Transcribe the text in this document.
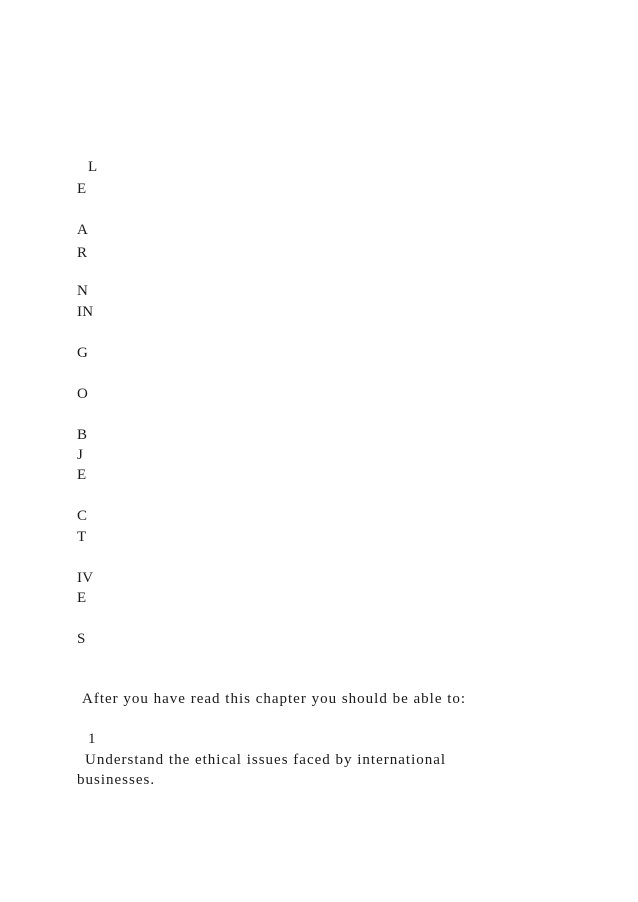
L
E
A
R
N
IN
G
O
B
J
E
C
T
IV
E
S
After you have read this chapter you should be able to:
1
Understand the ethical issues faced by international
businesses.
